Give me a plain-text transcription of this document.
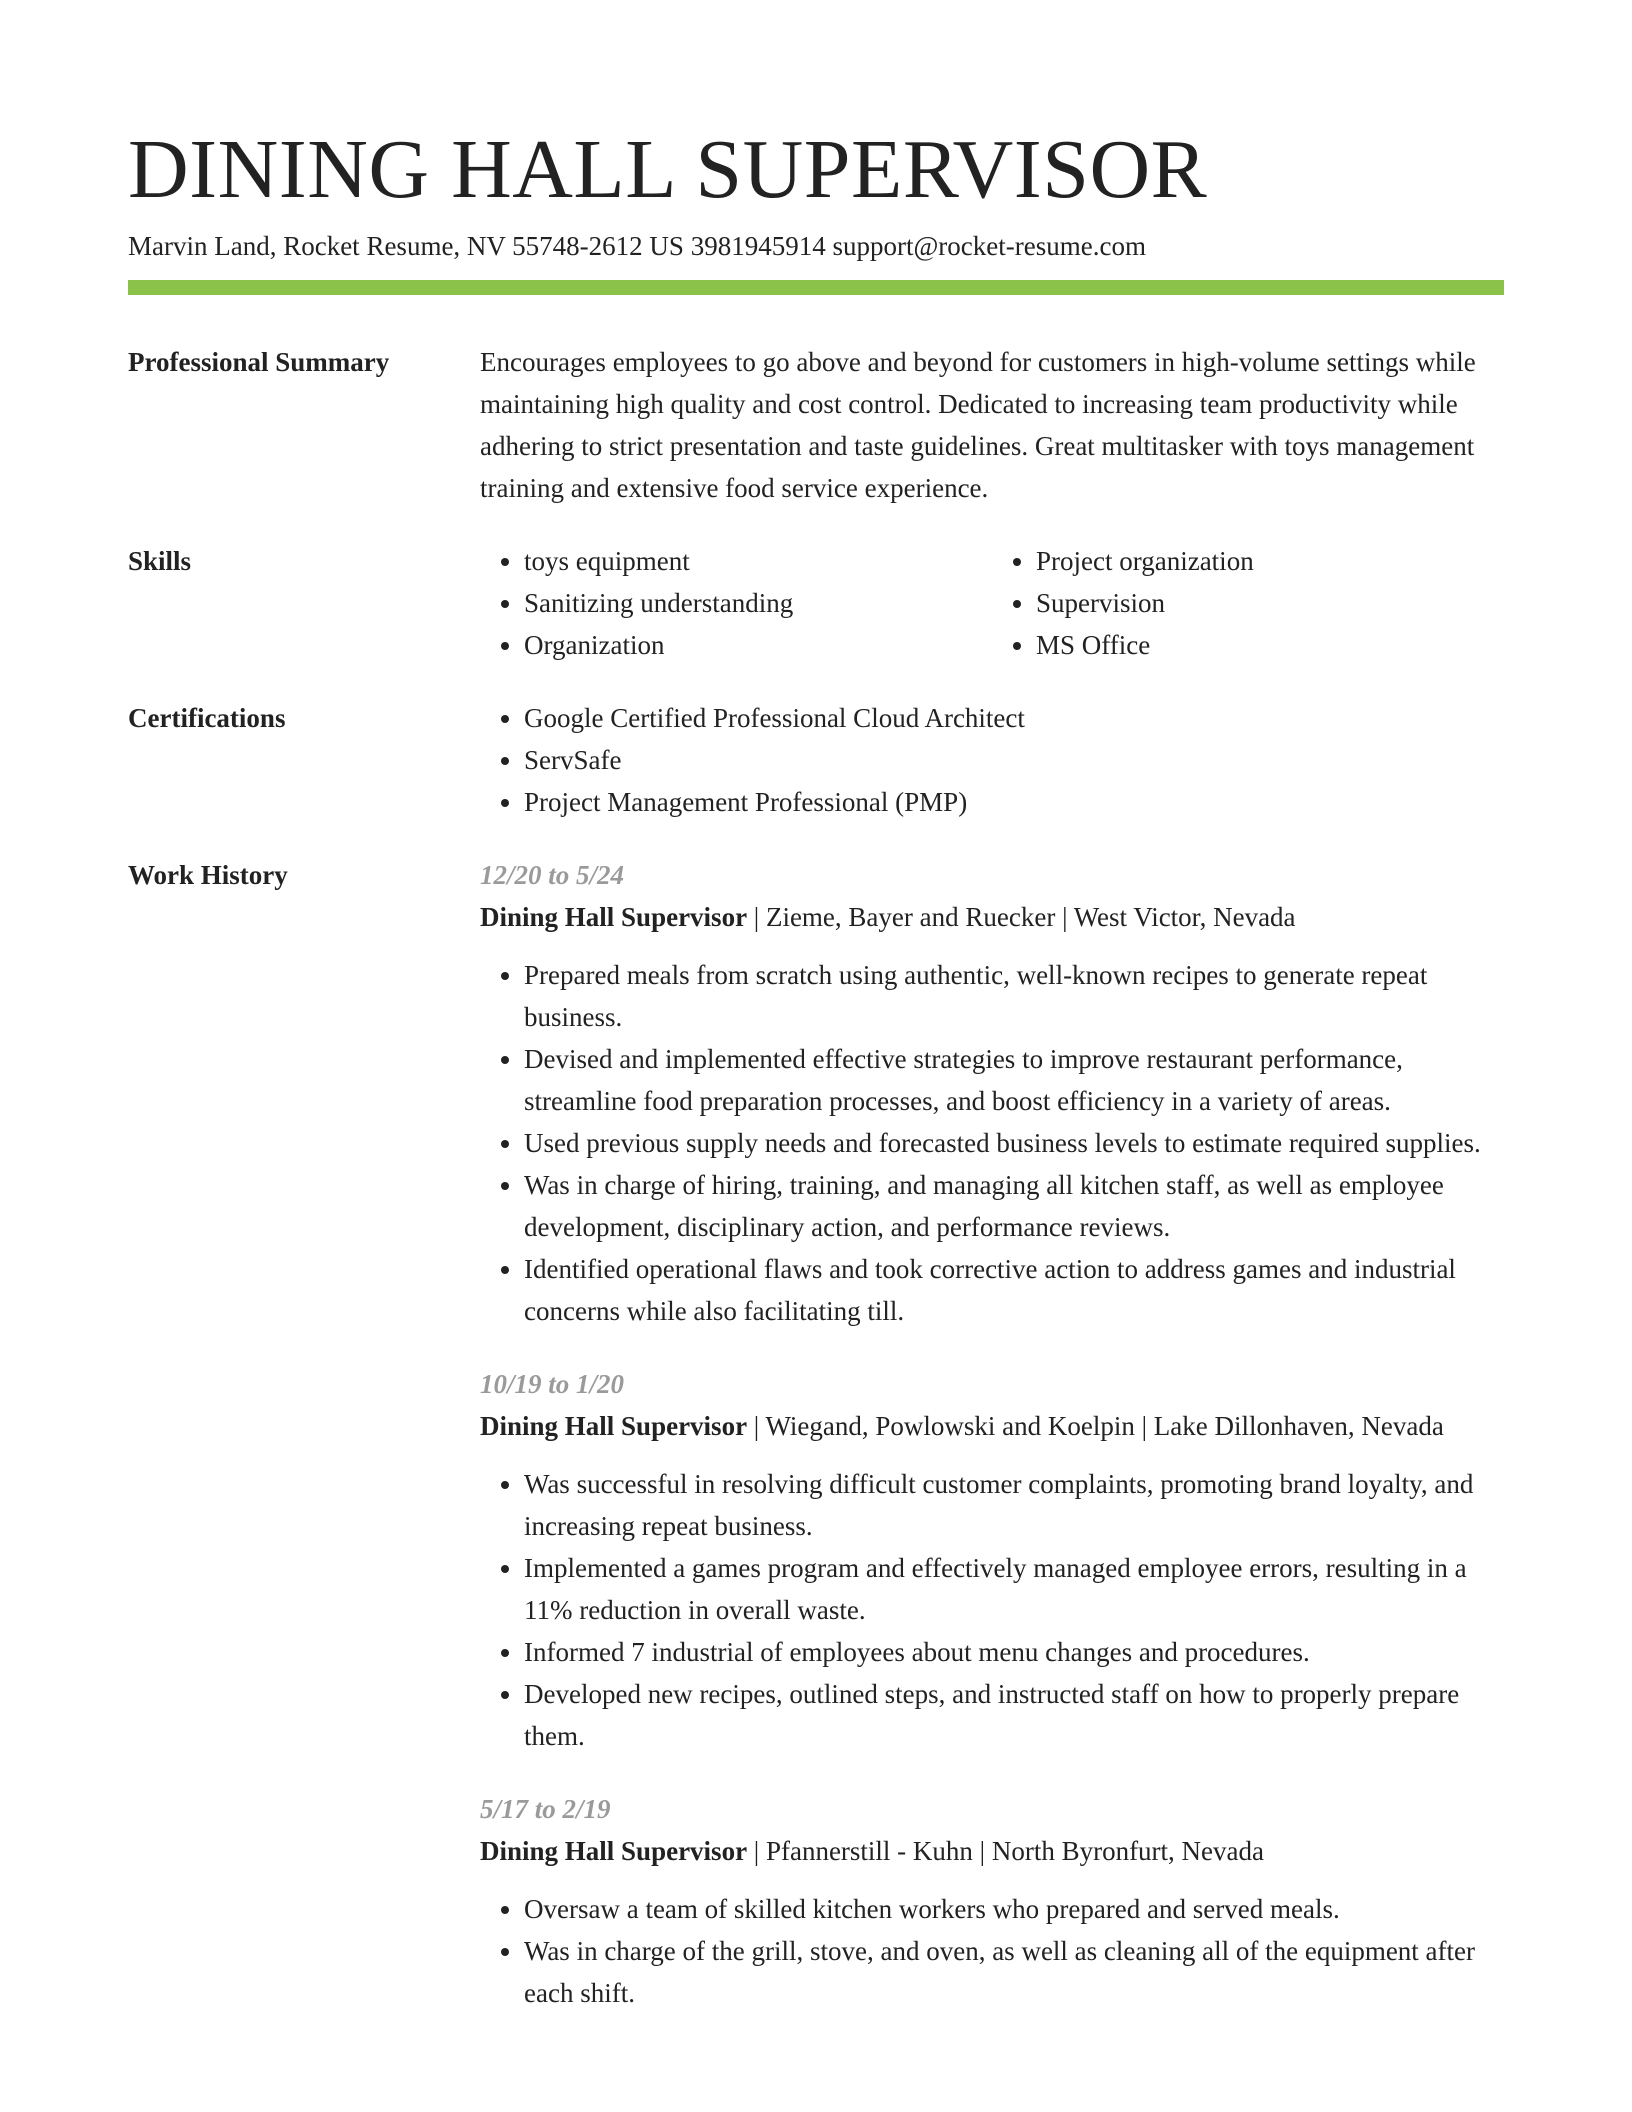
DINING HALL SUPERVISOR
Marvin Land, Rocket Resume, NV 55748-2612 US 3981945914 support@rocket-resume.com
Professional Summary	Encourages employees to go above and beyond for customers in high-volume settings while maintaining high quality and cost control. Dedicated to increasing team productivity while adhering to strict presentation and taste guidelines. Great multitasker with toys management training and extensive food service experience.

Skills	• toys equipment
• Sanitizing understanding
• Organization
• Project organization
• Supervision
• MS Office
Certifications	• Google Certified Professional Cloud Architect
• ServSafe
• Project Management Professional (PMP)
Work History	12/20 to 5/24
Dining Hall Supervisor | Zieme, Bayer and Ruecker | West Victor, Nevada
• Prepared meals from scratch using authentic, well-known recipes to generate repeat business.
• Devised and implemented effective strategies to improve restaurant performance, streamline food preparation processes, and boost efficiency in a variety of areas.
• Used previous supply needs and forecasted business levels to estimate required supplies.
• Was in charge of hiring, training, and managing all kitchen staff, as well as employee development, disciplinary action, and performance reviews.
• Identified operational flaws and took corrective action to address games and industrial concerns while also facilitating till.
10/19 to 1/20
Dining Hall Supervisor | Wiegand, Powlowski and Koelpin | Lake Dillonhaven, Nevada
• Was successful in resolving difficult customer complaints, promoting brand loyalty, and increasing repeat business.
• Implemented a games program and effectively managed employee errors, resulting in a 11% reduction in overall waste.
• Informed 7 industrial of employees about menu changes and procedures.
• Developed new recipes, outlined steps, and instructed staff on how to properly prepare them.
5/17 to 2/19
Dining Hall Supervisor | Pfannerstill - Kuhn | North Byronfurt, Nevada
• Oversaw a team of skilled kitchen workers who prepared and served meals.
• Was in charge of the grill, stove, and oven, as well as cleaning all of the equipment after each shift.
